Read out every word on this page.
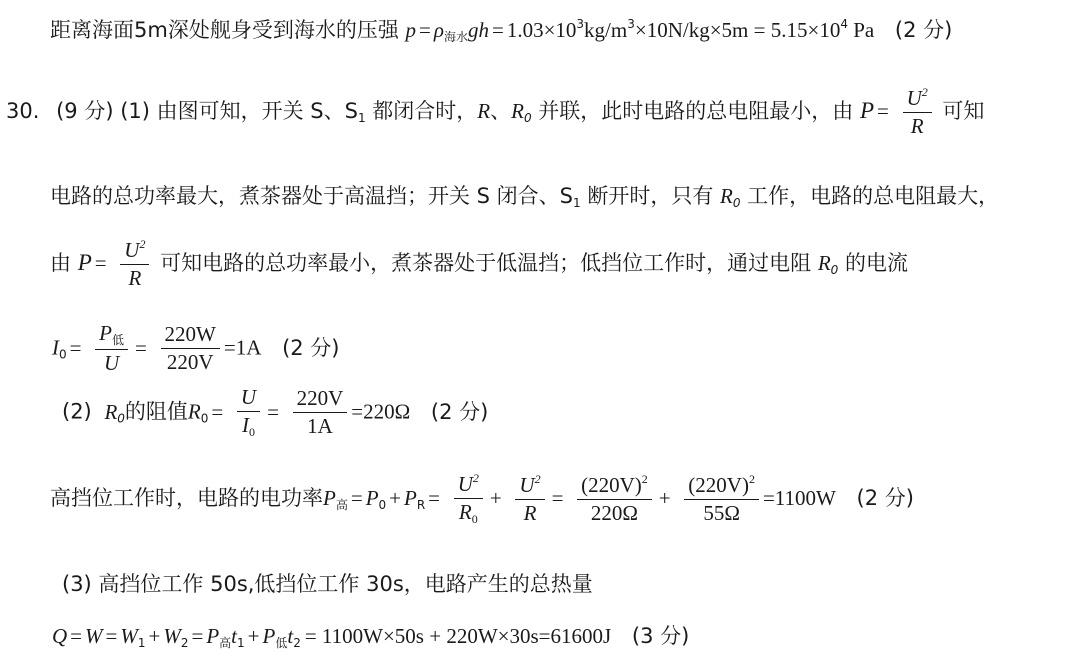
距离海面5m深处舰身受到海水的压强 $p = \rho_{海水}gh = 1.03\times 10^3kg/m^3\times 10N/kg\times 5m = 5.15\times 10^4$ Pa (2 分)
30. (9 分) (1) 由图可知，开关 S、$S_1$ 都闭合时，R、R0 并联，此时电路的总电阻最小，由 $P = \frac{U^2}{R}$ 可知
电路的总功率最大，煮茶器处于高温挡；开关 S 闭合、$S_1$ 断开时，只有 R0 工作，电路的总电阻最大，
由 $P = \frac{U^2}{R}$ 可知电路的总功率最小，煮茶器处于低温挡；低挡位工作时，通过电阻 R0 的电流
$I_0 = \frac{P_低}{U} = \frac{220W}{220V} =1A$ (2 分)
(2) R0的阻值$R_0 = \frac{U}{I_0} = \frac{220V}{1A} =220\Omega$ (2 分)
高挡位工作时，电路的电功率$P_高 = P_0 + P_R = \frac{U^2}{R_0} + \frac{U^2}{R} = \frac{(220V)^2}{220\Omega} + \frac{(220V)^2}{55\Omega} =1100W$ (2 分)
(3) 高挡位工作 50s,低挡位工作 30s，电路产生的总热量
$Q = W = W_1 + W_2 = P_高t_1 + P_低t_2 = 1100W\times 50s + 220W\times 30s=61600J$ (3 分)
